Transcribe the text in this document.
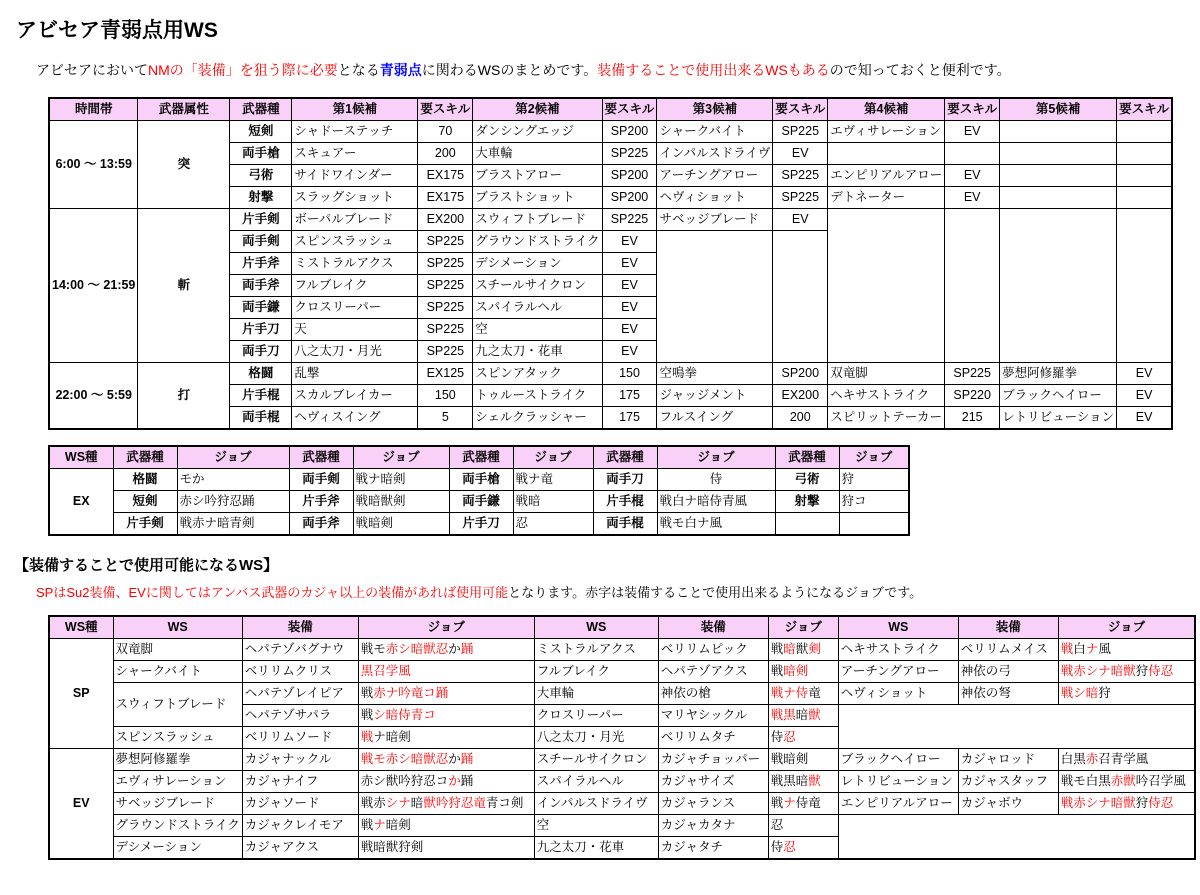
アビセア青弱点用WS
アビセアにおいてNMの「装備」を狙う際に必要となる青弱点に関わるWSのまとめです。装備することで使用出来るWSもあるので知っておくと便利です。
時間帯	武器属性	武器種	第1候補	要スキル	第2候補	要スキル	第3候補	要スキル	第4候補	要スキル	第5候補	要スキル
6:00 ～ 13:59	突	短剣	シャドーステッチ	70	ダンシングエッジ	SP200	シャークバイト	SP225	エヴィサレーション	EV		
		両手槍	スキュアー	200	大車輪	SP225	インパルスドライヴ	EV				
		弓術	サイドワインダー	EX175	ブラストアロー	SP200	アーチングアロー	SP225	エンピリアルアロー	EV		
		射撃	スラッグショット	EX175	ブラストショット	SP200	ヘヴィショット	SP225	デトネーター	EV		
14:00 ～ 21:59	斬	片手剣	ボーパルブレード	EX200	スウィフトブレード	SP225	サベッジブレード	EV				
		両手剣	スピンスラッシュ	SP225	グラウンドストライク	EV						
		片手斧	ミストラルアクス	SP225	デシメーション	EV						
		両手斧	フルブレイク	SP225	スチールサイクロン	EV						
		両手鎌	クロスリーパー	SP225	スパイラルヘル	EV						
		片手刀	天	SP225	空	EV						
		両手刀	八之太刀・月光	SP225	九之太刀・花車	EV						
22:00 ～ 5:59	打	格闘	乱撃	EX125	スピンアタック	150	空鳴拳	SP200	双竜脚	SP225	夢想阿修羅拳	EV
		片手棍	スカルブレイカー	150	トゥルーストライク	175	ジャッジメント	EX200	ヘキサストライク	SP220	ブラックヘイロー	EV
		両手棍	ヘヴィスイング	5	シェルクラッシャー	175	フルスイング	200	スピリットテーカー	215	レトリビューション	EV
WS種	武器種	ジョブ	武器種	ジョブ	武器種	ジョブ	武器種	ジョブ	武器種	ジョブ
EX	格闘	モか	両手剣	戦ナ暗剣	両手槍	戦ナ竜	両手刀	侍	弓術	狩
	短剣	赤シ吟狩忍踊	片手斧	戦暗獣剣	両手鎌	戦暗	片手棍	戦白ナ暗侍青風	射撃	狩コ
	片手剣	戦赤ナ暗青剣	両手斧	戦暗剣	片手刀	忍	両手棍	戦モ白ナ風		
【装備することで使用可能になるWS】
SPはSu2装備、EVに関してはアンバス武器のカジャ以上の装備があれば使用可能となります。赤字は装備することで使用出来るようになるジョブです。
WS種	WS	装備	ジョブ	WS	装備	ジョブ	WS	装備	ジョブ
SP	双竜脚	ヘパテゾバグナウ	戦モ赤シ暗獣忍か踊	ミストラルアクス	ベリリムピック	戦暗獣剣	ヘキサストライク	ベリリムメイス	戦白ナ風
	シャークバイト	ベリリムクリス	黒召学風	フルブレイク	ヘパテゾアクス	戦暗剣	アーチングアロー	神依の弓	戦赤シナ暗獣狩侍忍
	スウィフトブレード	ヘパテゾレイピア	戦赤ナ吟竜コ踊	大車輪	神依の槍	戦ナ侍竜	ヘヴィショット	神依の弩	戦シ暗狩
		ヘパテゾサパラ	戦シ暗侍青コ	クロスリーパー	マリヤシックル	戦黒暗獣			
	スピンスラッシュ	ベリリムソード	戦ナ暗剣	八之太刀・月光	ベリリムタチ	侍忍			
EV	夢想阿修羅拳	カジャナックル	戦モ赤シ暗獣忍か踊	スチールサイクロン	カジャチョッパー	戦暗剣	ブラックヘイロー	カジャロッド	白黒赤召青学風
	エヴィサレーション	カジャナイフ	赤シ獣吟狩忍コか踊	スパイラルヘル	カジャサイズ	戦黒暗獣	レトリビューション	カジャスタッフ	戦モ白黒赤獣吟召学風
	サベッジブレード	カジャソード	戦赤シナ暗獣吟狩忍竜青コ剣	インパルスドライヴ	カジャランス	戦ナ侍竜	エンピリアルアロー	カジャボウ	戦赤シナ暗獣狩侍忍
	グラウンドストライク	カジャクレイモア	戦ナ暗剣	空	カジャカタナ	忍			
	デシメーション	カジャアクス	戦暗獣狩剣	九之太刀・花車	カジャタチ	侍忍			
